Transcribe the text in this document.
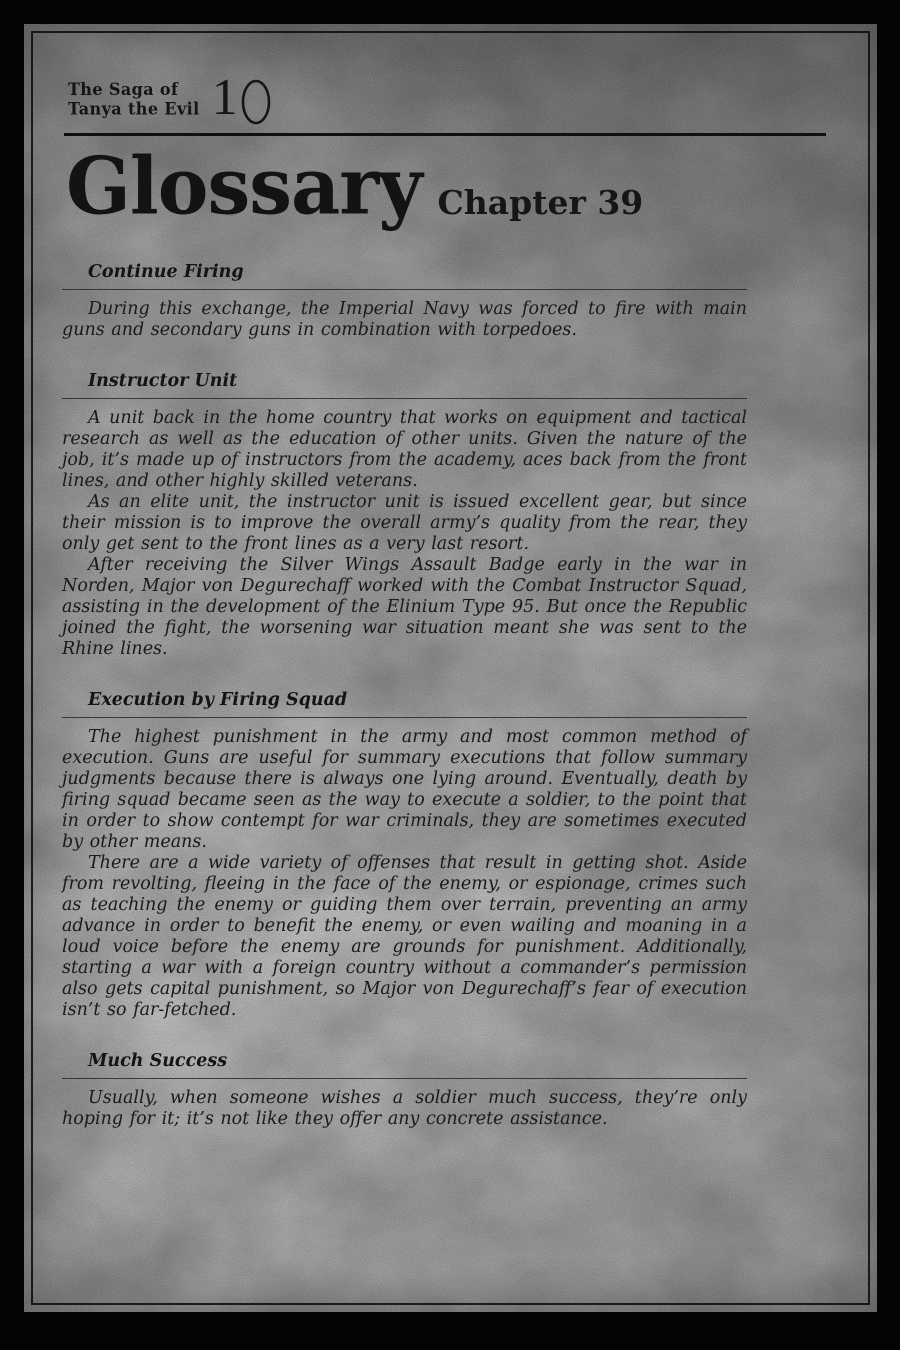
The Saga of
Tanya the Evil 1
Glossary Chapter 39
Continue Firing

During this exchange, the Imperial Navy was forced to fire with main guns and secondary guns in combination with torpedoes.

Instructor Unit

A unit back in the home country that works on equipment and tactical research as well as the education of other units. Given the nature of the job, it’s made up of instructors from the academy, aces back from the front lines, and other highly skilled veterans.

As an elite unit, the instructor unit is issued excellent gear, but since their mission is to improve the overall army’s quality from the rear, they only get sent to the front lines as a very last resort.

After receiving the Silver Wings Assault Badge early in the war in Norden, Major von Degurechaff worked with the Combat Instructor Squad, assisting in the development of the Elinium Type 95. But once the Republic joined the fight, the worsening war situation meant she was sent to the Rhine lines.

Execution by Firing Squad

The highest punishment in the army and most common method of execution. Guns are useful for summary executions that follow summary judgments because there is always one lying around. Eventually, death by firing squad became seen as the way to execute a soldier, to the point that in order to show contempt for war criminals, they are sometimes executed by other means.

There are a wide variety of offenses that result in getting shot. Aside from revolting, fleeing in the face of the enemy, or espionage, crimes such as teaching the enemy or guiding them over terrain, preventing an army advance in order to benefit the enemy, or even wailing and moaning in a loud voice before the enemy are grounds for punishment. Additionally, starting a war with a foreign country without a commander’s permission also gets capital punishment, so Major von Degurechaff’s fear of execution isn’t so far-fetched.

Much Success

Usually, when someone wishes a soldier much success, they’re only hoping for it; it’s not like they offer any concrete assistance.
